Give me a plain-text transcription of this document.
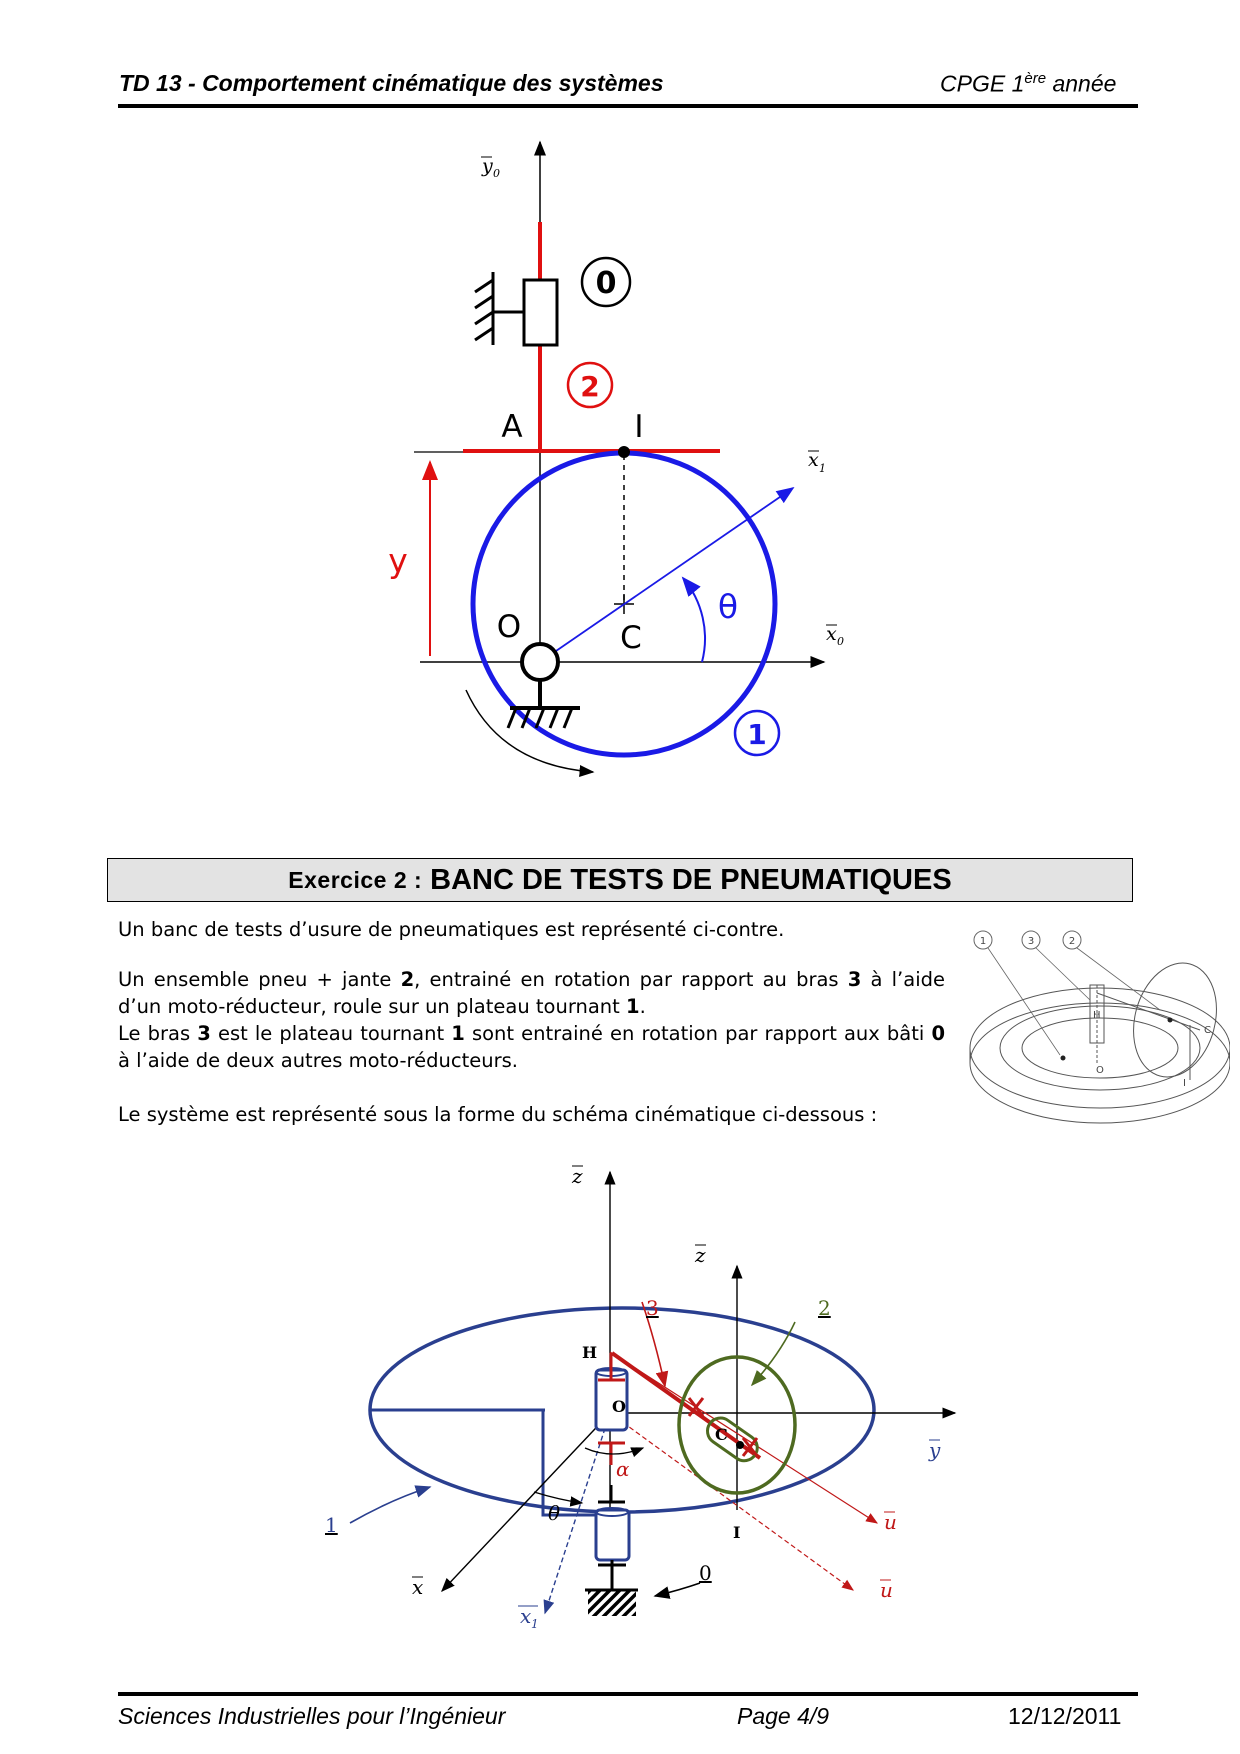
TD 13 - Comportement cinématique des systèmes	CPGE 1ère année
0
2
1
A	I
O	C
y
θ
y 0
x 0
x 1
Exercice 2 : BANC DE TESTS DE PNEUMATIQUES
Un banc de tests d’usure de pneumatiques est représenté ci-contre.
Un ensemble pneu + jante 2, entrainé en rotation par rapport au bras 3 à l’aide d’un moto-réducteur, roule sur un plateau tournant 1.
Le bras 3 est le plateau tournant 1 sont entrainé en rotation par rapport aux bâti 0 à l’aide de deux autres moto-réducteurs.
Le système est représenté sous la forme du schéma cinématique ci-dessous :
1	3	2
H
O
C
I
z
z
y
x
x 1
u
u
α
θ
H
O
C
I
3	2
1
0
Sciences Industrielles pour l’Ingénieur	Page 4/9	12/12/2011
